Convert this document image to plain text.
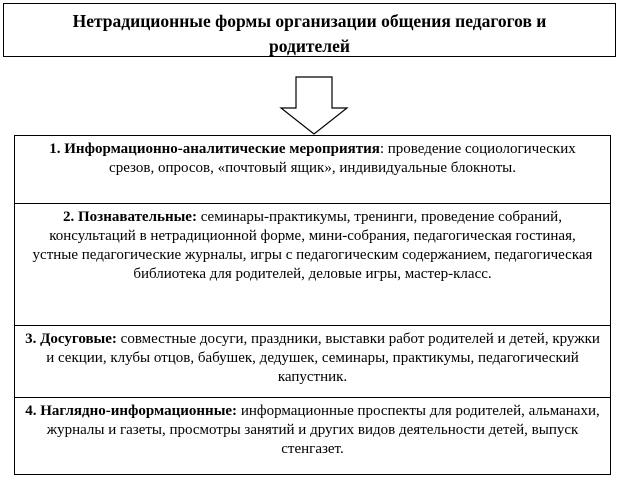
Нетрадиционные формы организации общения педагогов и родителей
1. Информационно-аналитические мероприятия: проведение социологических срезов, опросов, «почтовый ящик», индивидуальные блокноты.
2. Познавательные: семинары-практикумы, тренинги, проведение собраний, консультаций в нетрадиционной форме, мини-собрания, педагогическая гостиная, устные педагогические журналы, игры с педагогическим содержанием, педагогическая библиотека для родителей, деловые игры, мастер-класс.
3. Досуговые: совместные досуги, праздники, выставки работ родителей и детей, кружки и секции, клубы отцов, бабушек, дедушек, семинары, практикумы, педагогический капустник.
4. Наглядно-информационные: информационные проспекты для родителей, альманахи, журналы и газеты, просмотры занятий и других видов деятельности детей, выпуск стенгазет.
